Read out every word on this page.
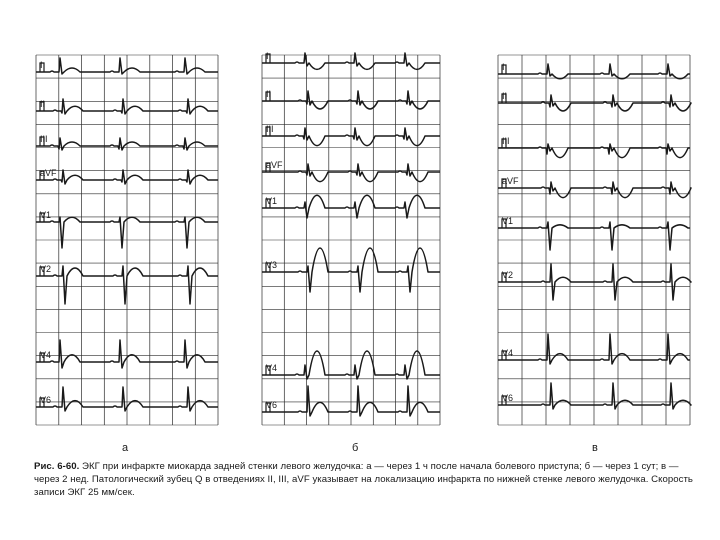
I
II
III
aVF
V1
V2
V4
V6
I
II
III
aVF
V1
V3
V4
V6
I
II
III
aVF
V1
V2
V4
V6
а	б	в
Рис. 6-60. ЭКГ при инфаркте миокарда задней стенки левого желудочка: а — через 1 ч после начала болевого приступа; б — через 1 сут; в — через 2 нед. Патологический зубец Q в отведениях II, III, aVF указывает на локализацию инфаркта по нижней стенке левого желудочка. Скорость записи ЭКГ 25 мм/сек.
